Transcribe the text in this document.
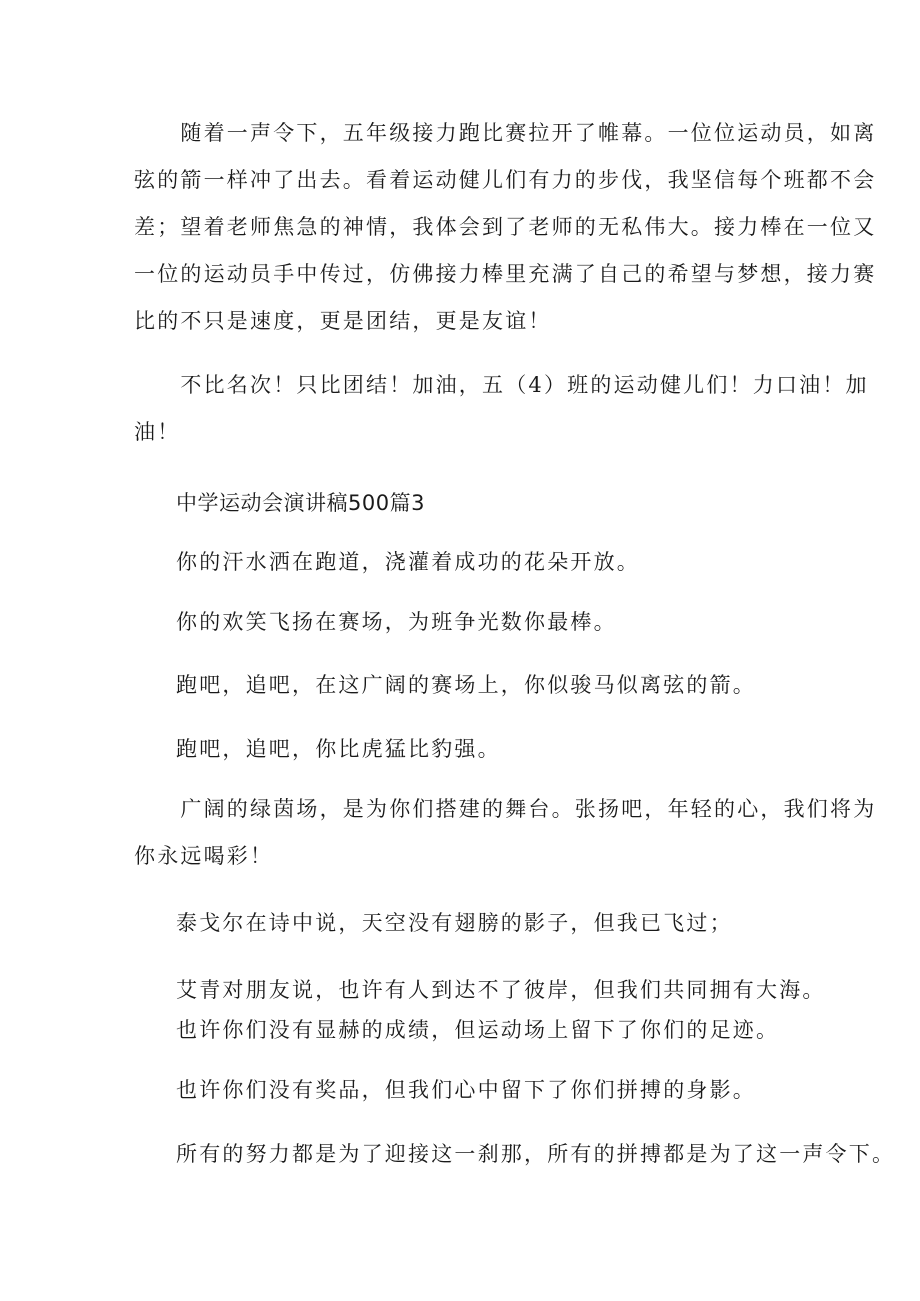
　　随着一声令下，五年级接力跑比赛拉开了帷幕。一位位运动员，如离
弦的箭一样冲了出去。看着运动健儿们有力的步伐，我坚信每个班都不会
差；望着老师焦急的神情，我体会到了老师的无私伟大。接力棒在一位又
一位的运动员手中传过，仿佛接力棒里充满了自己的希望与梦想，接力赛
比的不只是速度，更是团结，更是友谊！
　　不比名次！只比团结！加油，五（4）班的运动健儿们！力口油！加
油！

中学运动会演讲稿500篇3

你的汗水洒在跑道，浇灌着成功的花朵开放。

你的欢笑飞扬在赛场，为班争光数你最棒。

跑吧，追吧，在这广阔的赛场上，你似骏马似离弦的箭。

跑吧，追吧，你比虎猛比豹强。

　　广阔的绿茵场，是为你们搭建的舞台。张扬吧，年轻的心，我们将为
你永远喝彩！

泰戈尔在诗中说，天空没有翅膀的影子，但我已飞过；

艾青对朋友说，也许有人到达不了彼岸，但我们共同拥有大海。

也许你们没有显赫的成绩，但运动场上留下了你们的足迹。

也许你们没有奖品，但我们心中留下了你们拼搏的身影。

所有的努力都是为了迎接这一刹那，所有的拼搏都是为了这一声令下。
